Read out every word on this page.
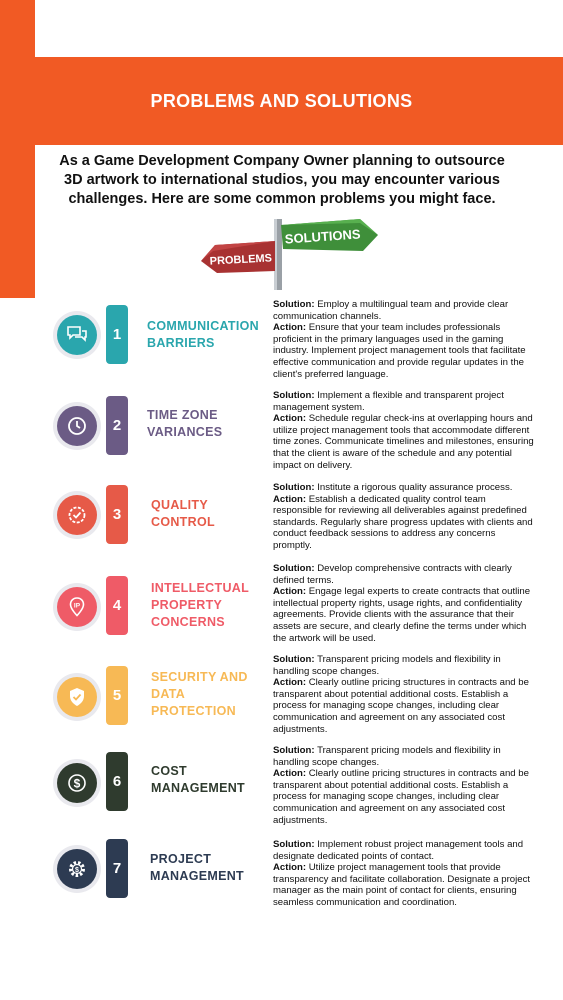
PROBLEMS AND SOLUTIONS
As a Game Development Company Owner planning to outsource 3D artwork to international studios, you may encounter various challenges. Here are some common problems you might face.
SOLUTIONS
PROBLEMS
1	COMMUNICATION
BARRIERS
Solution: Employ a multilingual team and provide clear communication channels.
Action: Ensure that your team includes professionals proficient in the primary languages used in the gaming industry. Implement project management tools that facilitate effective communication and provide regular updates in the client's preferred language.
2
TIME ZONE
VARIANCES
Solution: Implement a flexible and transparent project management system.
Action: Schedule regular check-ins at overlapping hours and utilize project management tools that accommodate different time zones. Communicate timelines and milestones, ensuring that the client is aware of the schedule and any potential impact on delivery.
3
QUALITY
CONTROL
Solution: Institute a rigorous quality assurance process.
Action: Establish a dedicated quality control team responsible for reviewing all deliverables against predefined standards. Regularly share progress updates with clients and conduct feedback sessions to address any concerns promptly.
IP	4
INTELLECTUAL
PROPERTY
CONCERNS
Solution: Develop comprehensive contracts with clearly defined terms.
Action: Engage legal experts to create contracts that outline intellectual property rights, usage rights, and confidentiality agreements. Provide clients with the assurance that their assets are secure, and clearly define the terms under which the artwork will be used.
5
SECURITY AND
DATA
PROTECTION
Solution: Transparent pricing models and flexibility in handling scope changes.
Action: Clearly outline pricing structures in contracts and be transparent about potential additional costs. Establish a process for managing scope changes, including clear communication and agreement on any associated cost adjustments.
$	6
COST
MANAGEMENT
Solution: Transparent pricing models and flexibility in handling scope changes.
Action: Clearly outline pricing structures in contracts and be transparent about potential additional costs. Establish a process for managing scope changes, including clear communication and agreement on any associated cost adjustments.
$	7
PROJECT
MANAGEMENT
Solution: Implement robust project management tools and designate dedicated points of contact.
Action: Utilize project management tools that provide transparency and facilitate collaboration. Designate a project manager as the main point of contact for clients, ensuring seamless communication and coordination.
